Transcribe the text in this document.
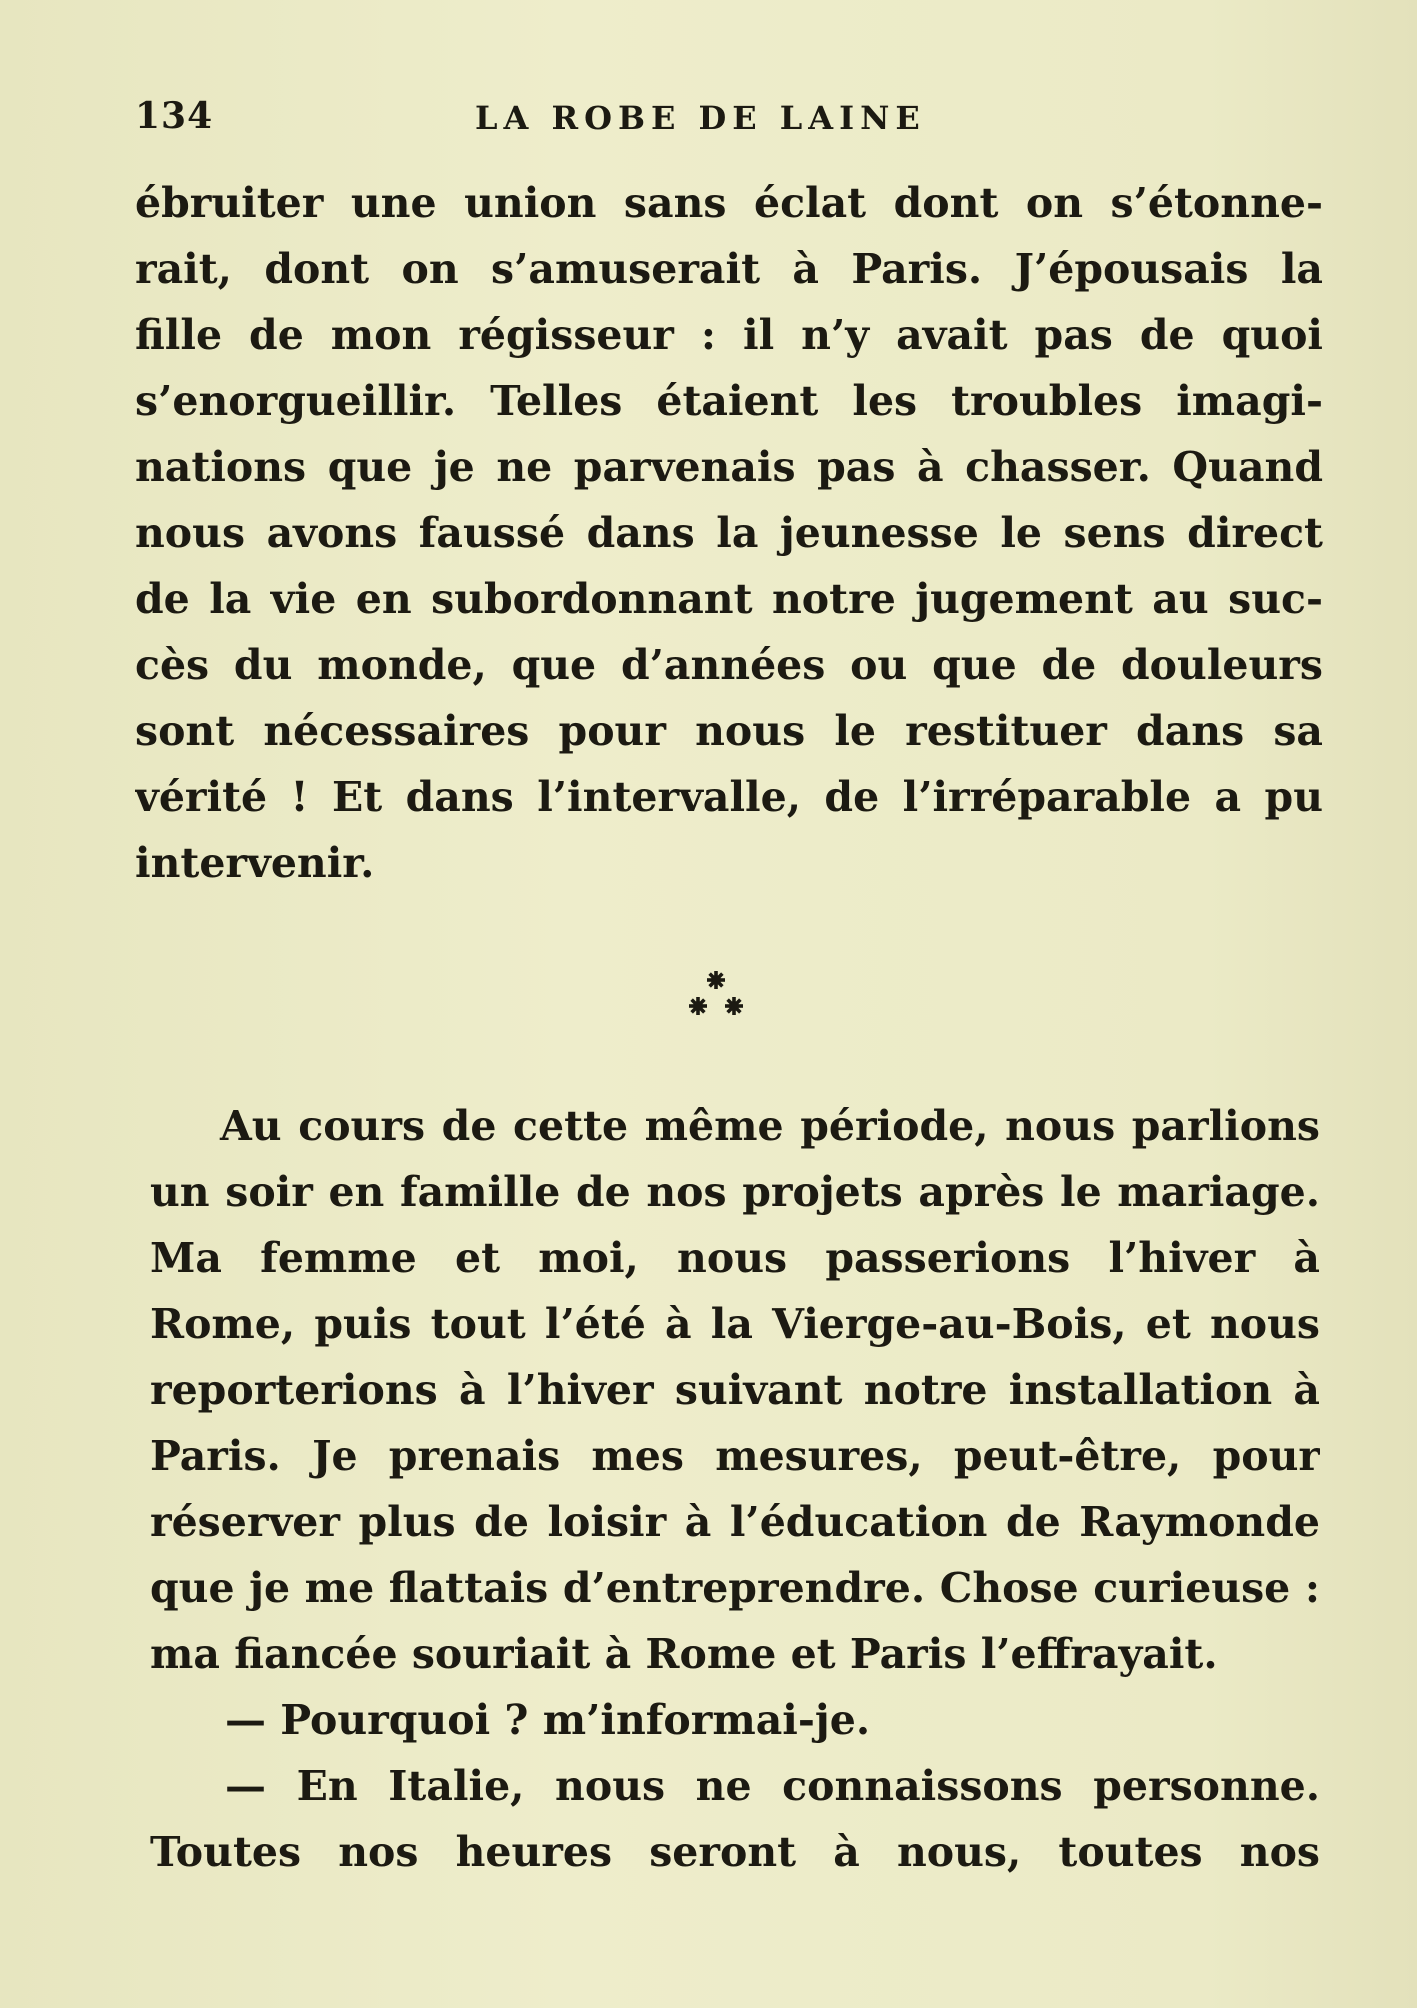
134	LA ROBE DE LAINE
ébruiter une union sans éclat dont on s’étonne-
rait, dont on s’amuserait à Paris. J’épousais la
fille de mon régisseur : il n’y avait pas de quoi
s’enorgueillir. Telles étaient les troubles imagi-
nations que je ne parvenais pas à chasser. Quand
nous avons faussé dans la jeunesse le sens direct
de la vie en subordonnant notre jugement au suc-
cès du monde, que d’années ou que de douleurs
sont nécessaires pour nous le restituer dans sa
vérité ! Et dans l’intervalle, de l’irréparable a pu
intervenir.
Au cours de cette même période, nous parlions
un soir en famille de nos projets après le mariage.
Ma femme et moi, nous passerions l’hiver à
Rome, puis tout l’été à la Vierge-au-Bois, et nous
reporterions à l’hiver suivant notre installation à
Paris. Je prenais mes mesures, peut-être, pour
réserver plus de loisir à l’éducation de Raymonde
que je me flattais d’entreprendre. Chose curieuse :
ma fiancée souriait à Rome et Paris l’effrayait.
— Pourquoi ? m’informai-je.
— En Italie, nous ne connaissons personne.
Toutes nos heures seront à nous, toutes nos
